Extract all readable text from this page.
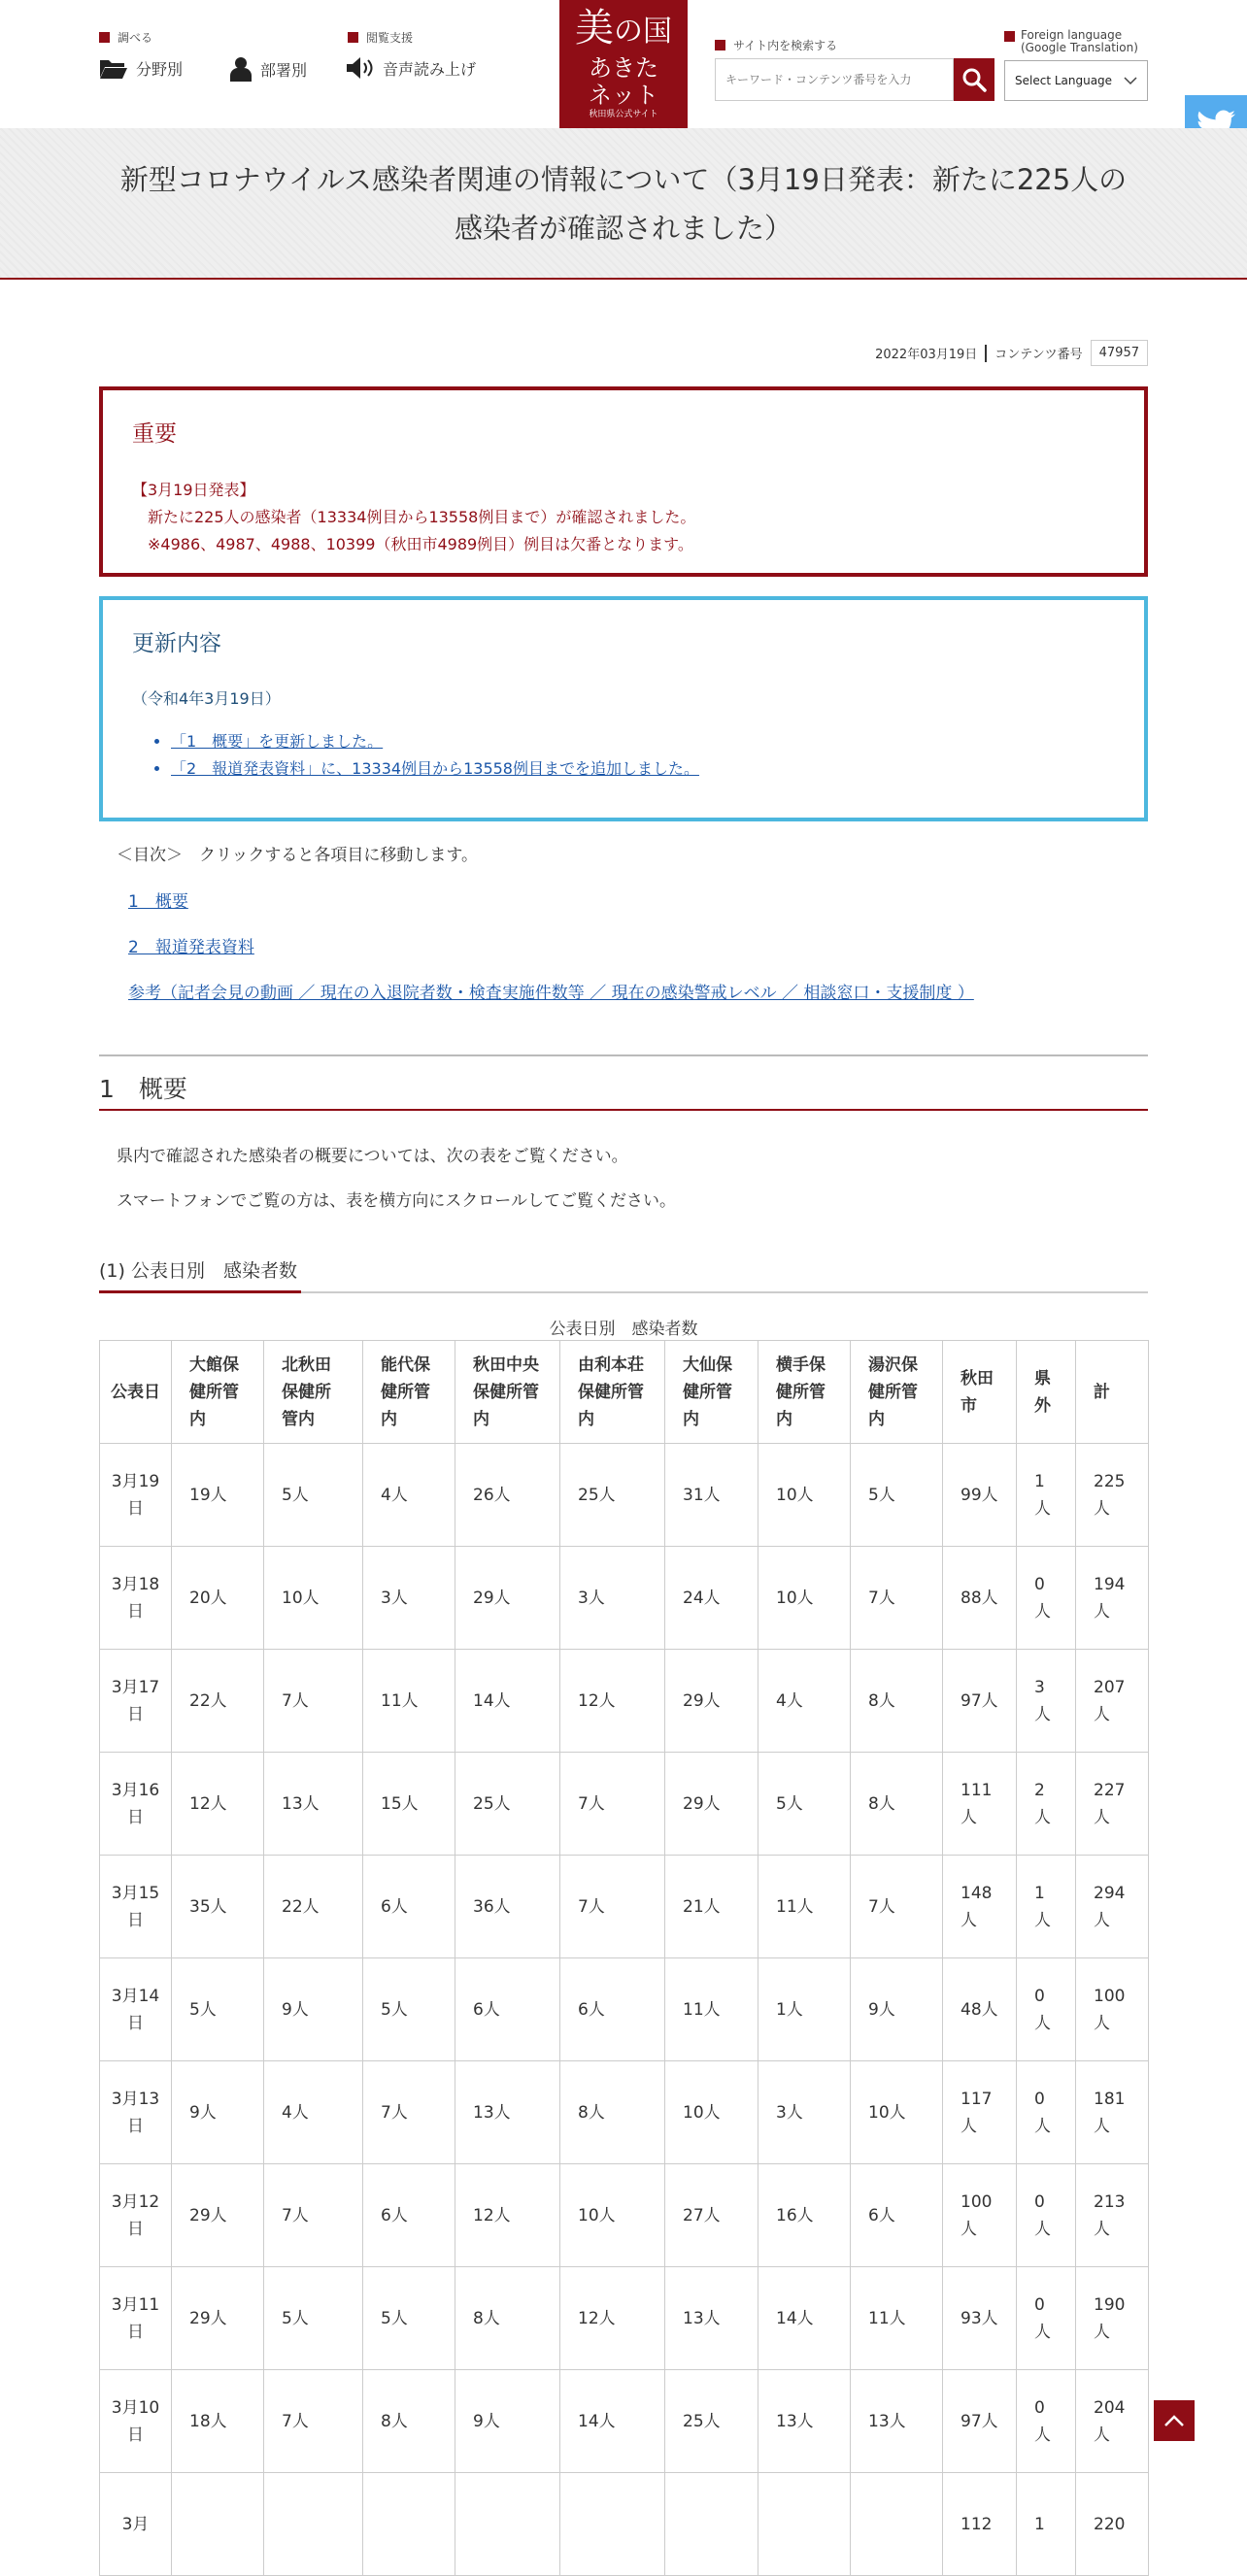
調べる
分野別	部署別
閲覧支援
音声読み上げ
美の国
あきた
ネット
秋田県公式サイト
サイト内を検索する
キーワード・コンテンツ番号を入力
Foreign language
(Google Translation)
Select Language
新型コロナウイルス感染者関連の情報について（3月19日発表：新たに225人の
感染者が確認されました）
2022年03月19日 コンテンツ番号	47957
重要

【3月19日発表】

　新たに225人の感染者（13334例目から13558例目まで）が確認されました。

　※4986、4987、4988、10399（秋田市4989例目）例目は欠番となります。

更新内容
（令和4年3月19日）
• 「1　概要」を更新しました。
• 「2　報道発表資料」に、13334例目から13558例目までを追加しました。
＜目次＞　クリックすると各項目に移動します。
1　概要
2　報道発表資料
参考（記者会見の動画 ／ 現在の入退院者数・検査実施件数等 ／ 現在の感染警戒レベル ／ 相談窓口・支援制度 ）
1　概要
県内で確認された感染者の概要については、次の表をご覧ください。
スマートフォンでご覧の方は、表を横方向にスクロールしてご覧ください。
(1) 公表日別　感染者数
公表日別　感染者数
公表日	大館保健所管内	北秋田保健所管内	能代保健所管内	秋田中央保健所管内	由利本荘保健所管内	大仙保健所管内	横手保健所管内	湯沢保健所管内	秋田市	県外	計
3月19日	19人	5人	4人	26人	25人	31人	10人	5人	99人	1人	225人
3月18日	20人	10人	3人	29人	3人	24人	10人	7人	88人	0人	194人
3月17日	22人	7人	11人	14人	12人	29人	4人	8人	97人	3人	207人
3月16日	12人	13人	15人	25人	7人	29人	5人	8人	111人	2人	227人
3月15日	35人	22人	6人	36人	7人	21人	11人	7人	148人	1人	294人
3月14日	5人	9人	5人	6人	6人	11人	1人	9人	48人	0人	100人
3月13日	9人	4人	7人	13人	8人	10人	3人	10人	117人	0人	181人
3月12日	29人	7人	6人	12人	10人	27人	16人	6人	100人	0人	213人
3月11日	29人	5人	5人	8人	12人	13人	14人	11人	93人	0人	190人
3月10日	18人	7人	8人	9人	14人	25人	13人	13人	97人	0人	204人
3月									112	1	220
